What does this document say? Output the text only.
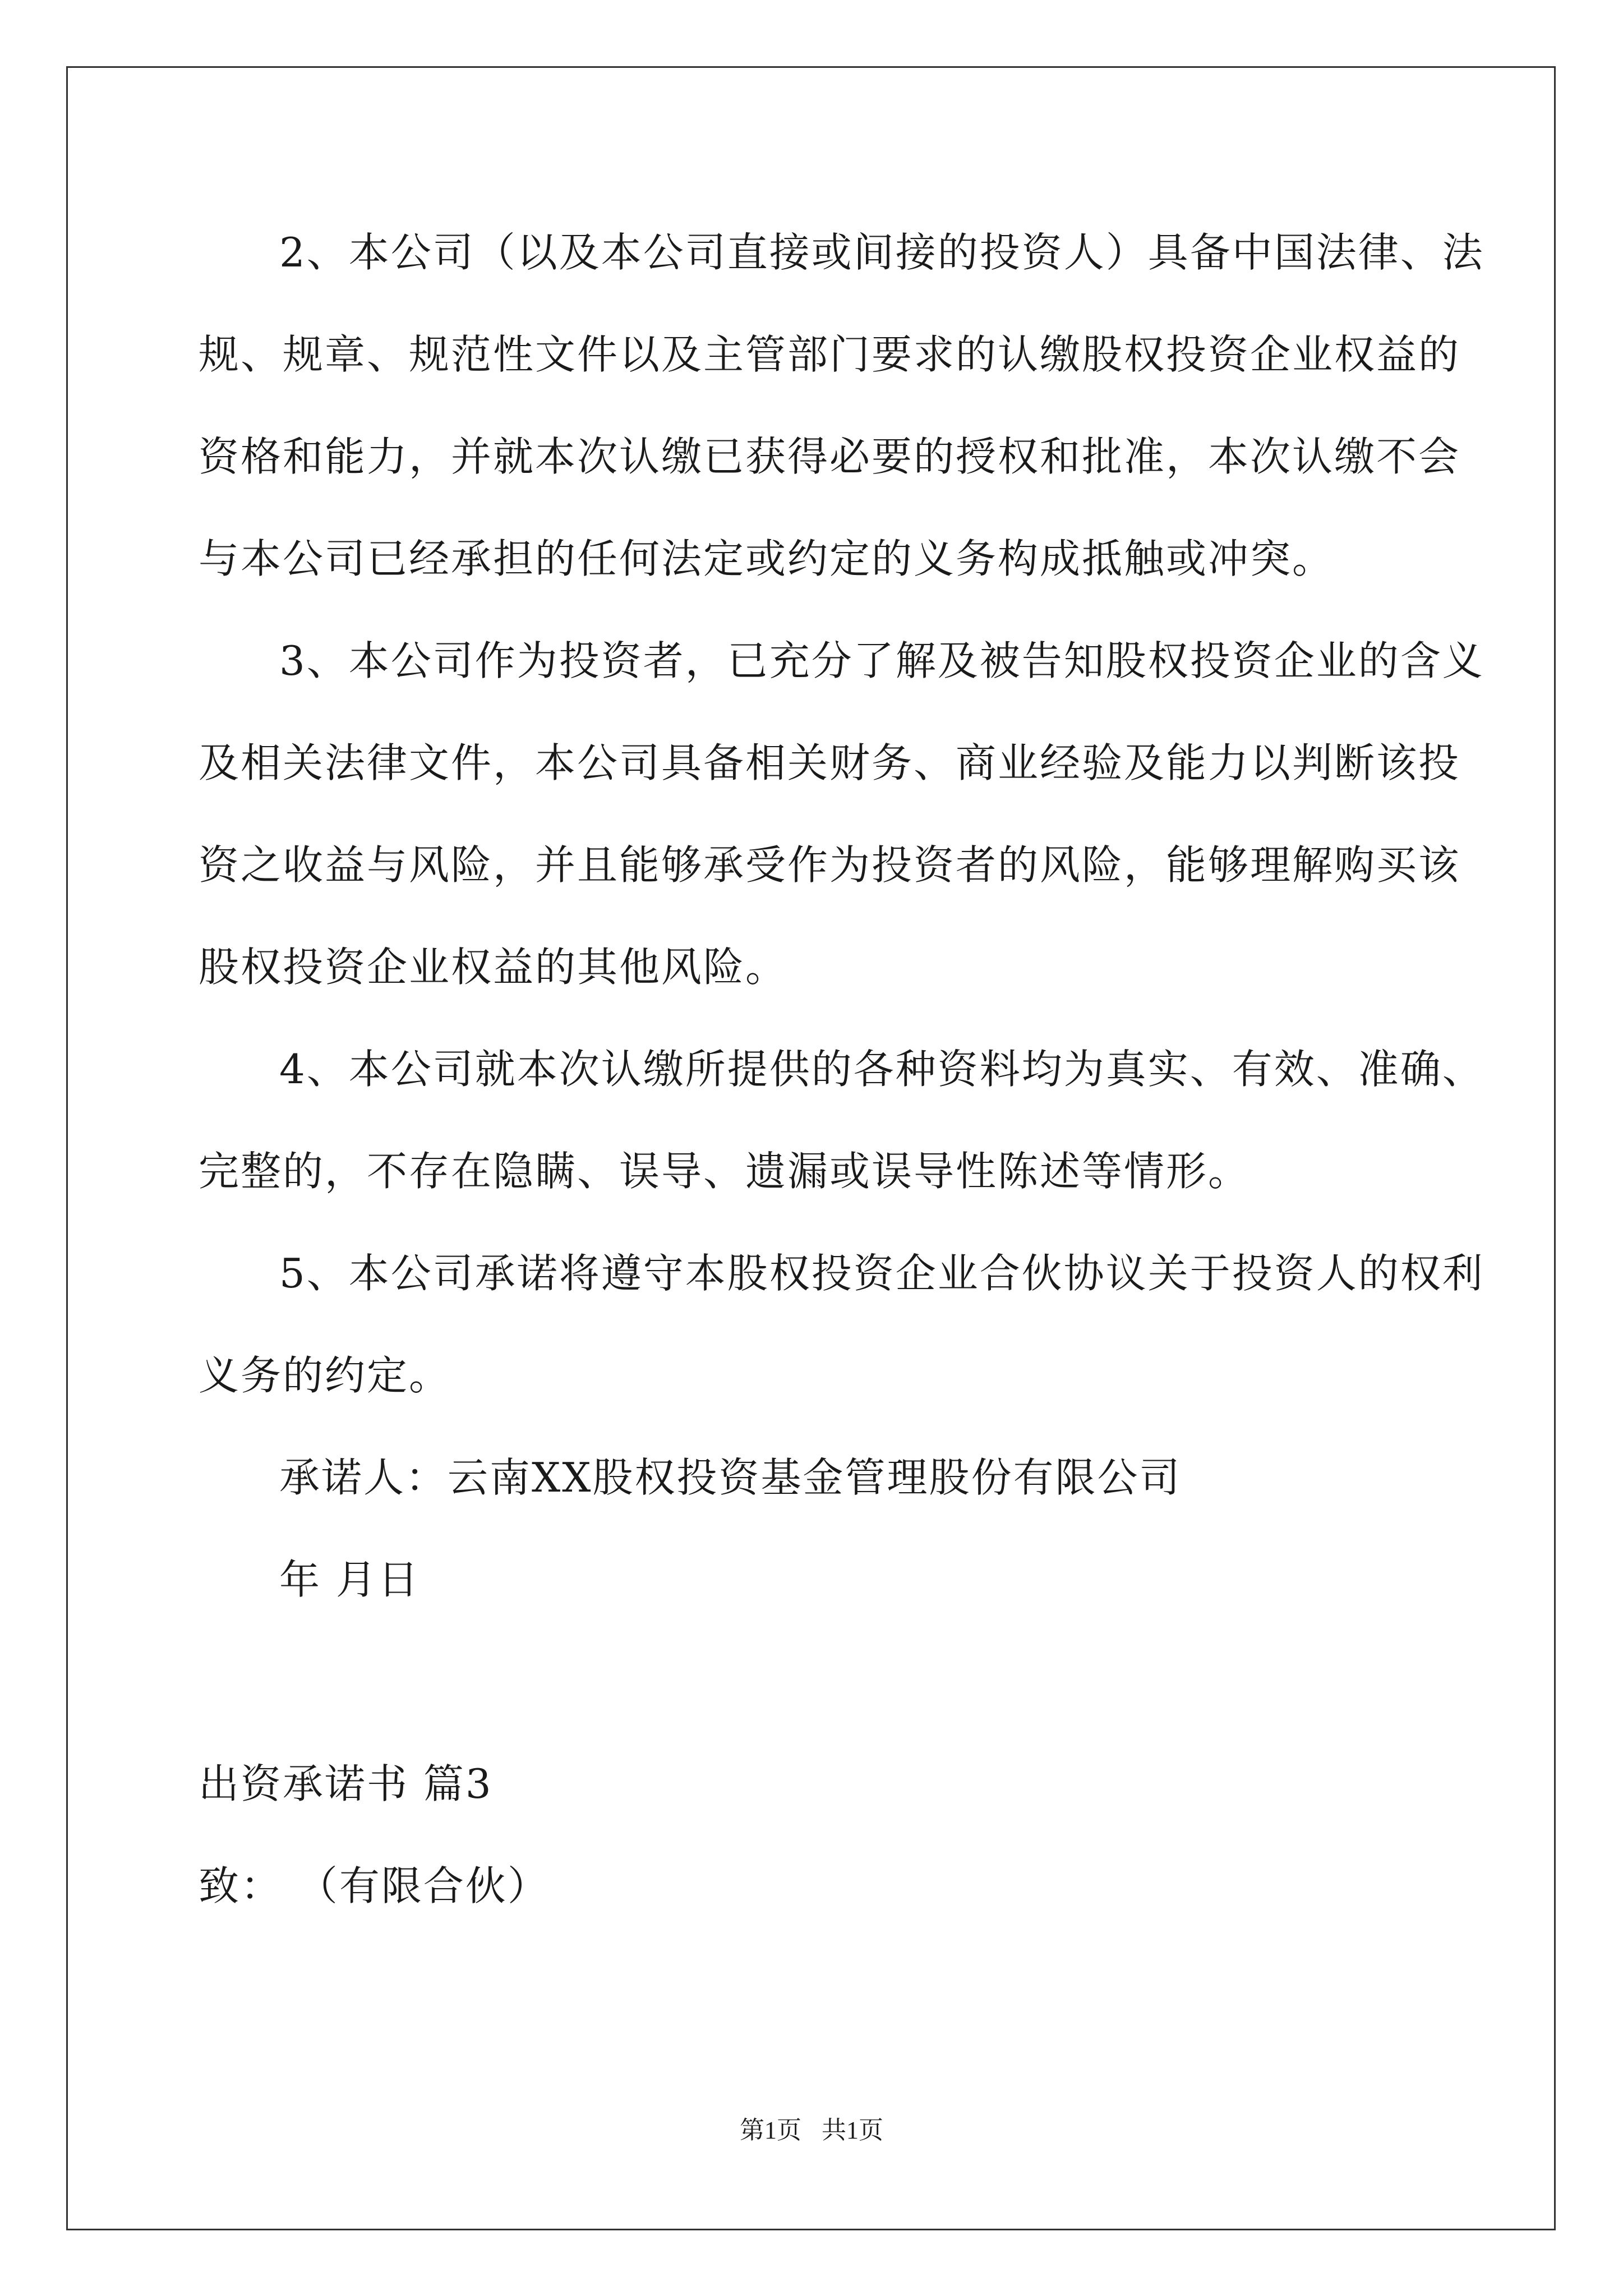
2、本公司（以及本公司直接或间接的投资人）具备中国法律、法
规、规章、规范性文件以及主管部门要求的认缴股权投资企业权益的
资格和能力，并就本次认缴已获得必要的授权和批准，本次认缴不会
与本公司已经承担的任何法定或约定的义务构成抵触或冲突。
3、本公司作为投资者，已充分了解及被告知股权投资企业的含义
及相关法律文件，本公司具备相关财务、商业经验及能力以判断该投
资之收益与风险，并且能够承受作为投资者的风险，能够理解购买该
股权投资企业权益的其他风险。
4、本公司就本次认缴所提供的各种资料均为真实、有效、准确、
完整的，不存在隐瞒、误导、遗漏或误导性陈述等情形。
5、本公司承诺将遵守本股权投资企业合伙协议关于投资人的权利
义务的约定。
承诺人：云南XX股权投资基金管理股份有限公司
年 月日
出资承诺书 篇3
致： （有限合伙）
第1页 共1页
